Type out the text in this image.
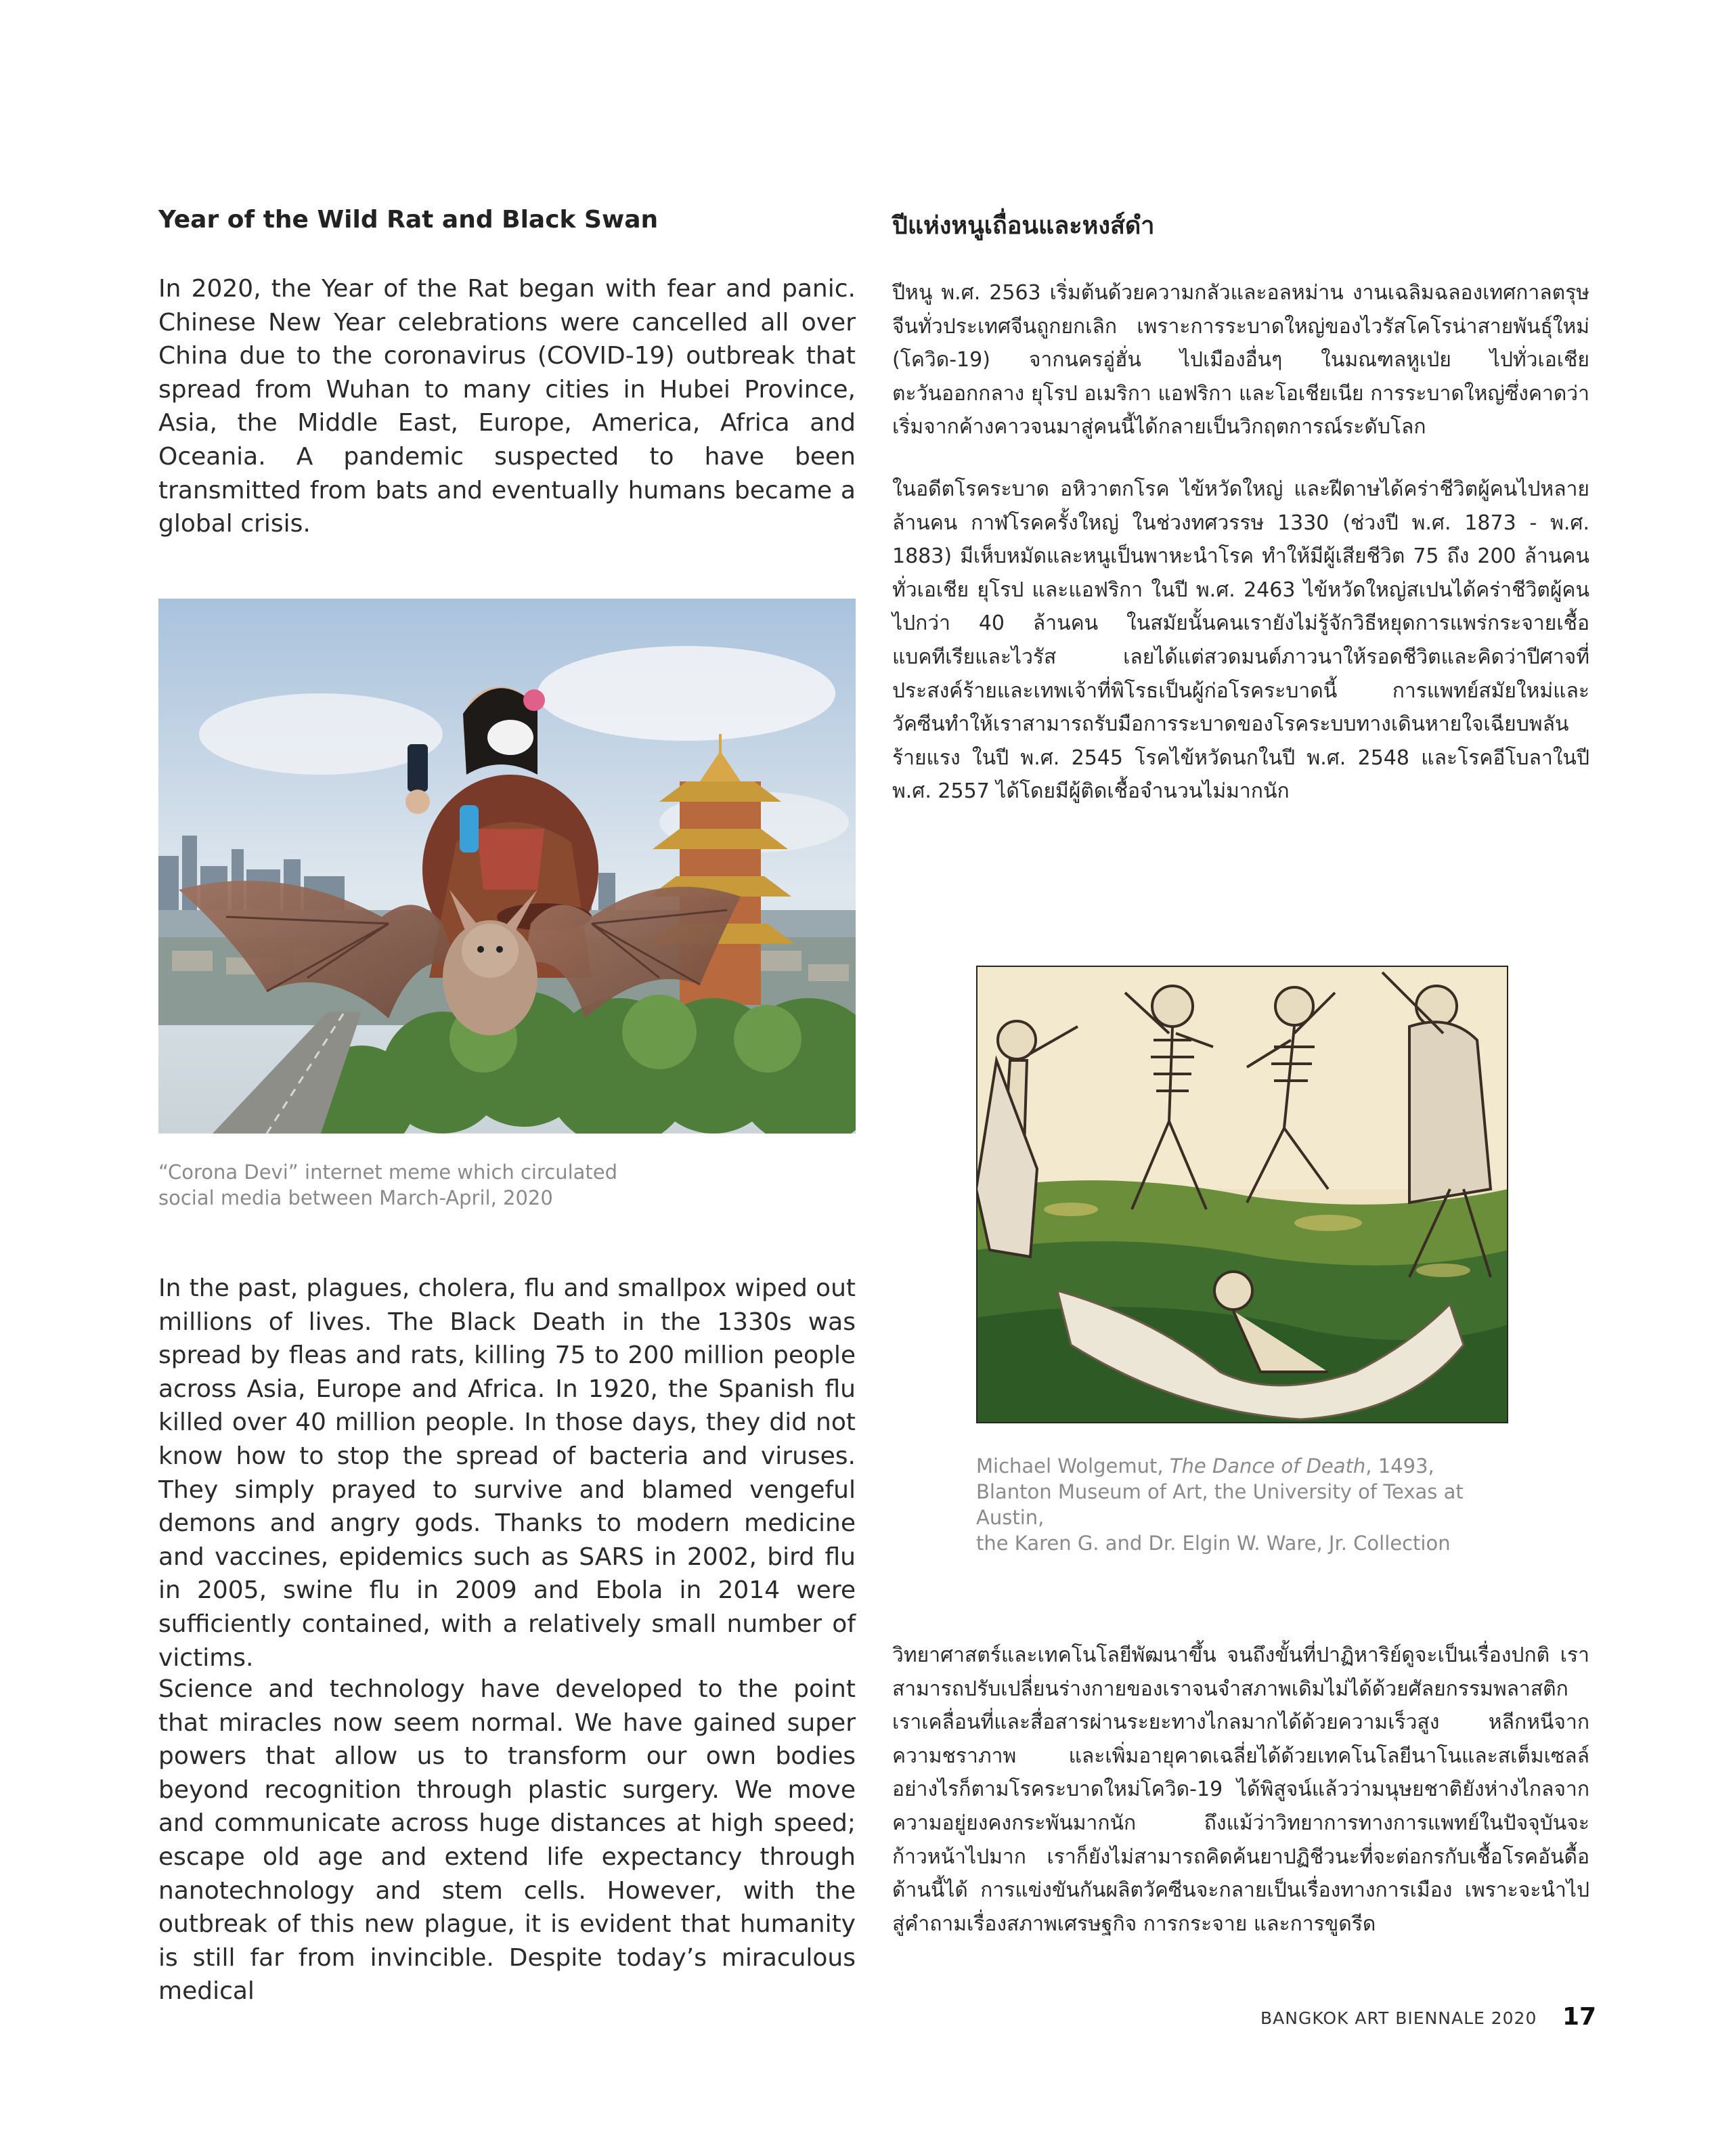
Year of the Wild Rat and Black Swan

In 2020, the Year of the Rat began with fear and panic. Chinese New Year celebrations were cancelled all over China due to the coronavirus (COVID-19) outbreak that spread from Wuhan to many cities in Hubei Province, Asia, the Middle East, Europe, America, Africa and Oceania. A pandemic suspected to have been transmitted from bats and eventually humans became a global crisis.

“Corona Devi” internet meme which circulated
social media between March-April, 2020

In the past, plagues, cholera, flu and smallpox wiped out millions of lives. The Black Death in the 1330s was spread by fleas and rats, killing 75 to 200 million people across Asia, Europe and Africa. In 1920, the Spanish flu killed over 40 million people. In those days, they did not know how to stop the spread of bacteria and viruses. They simply prayed to survive and blamed vengeful demons and angry gods. Thanks to modern medicine and vaccines, epidemics such as SARS in 2002, bird flu in 2005, swine flu in 2009 and Ebola in 2014 were sufficiently contained, with a relatively small number of victims.

Science and technology have developed to the point that miracles now seem normal. We have gained super powers that allow us to transform our own bodies beyond recognition through plastic surgery. We move and communicate across huge distances at high speed; escape old age and extend life expectancy through nanotechnology and stem cells. However, with the outbreak of this new plague, it is evident that humanity is still far from invincible. Despite today’s miraculous medical

ปีแห่งหนูเถื่อนและหงส์ดำ

ปีหนู พ.ศ. 2563 เริ่มต้นด้วยความกลัวและอลหม่าน งานเฉลิมฉลองเทศกาลตรุษจีนทั่วประเทศจีนถูกยกเลิก เพราะการระบาดใหญ่ของไวรัสโคโรน่าสายพันธุ์ใหม่ (โควิด-19) จากนครอู่ฮั่น ไปเมืองอื่นๆ ในมณฑลหูเป่ย ไปทั่วเอเชีย ตะวันออกกลาง ยุโรป อเมริกา แอฟริกา และโอเชียเนีย การระบาดใหญ่ซึ่งคาดว่าเริ่มจากค้างคาวจนมาสู่คนนี้ได้กลายเป็นวิกฤตการณ์ระดับโลก

ในอดีตโรคระบาด อหิวาตกโรค ไข้หวัดใหญ่ และฝีดาษได้คร่าชีวิตผู้คนไปหลายล้านคน กาฬโรคครั้งใหญ่ ในช่วงทศวรรษ 1330 (ช่วงปี พ.ศ. 1873 - พ.ศ. 1883) มีเห็บหมัดและหนูเป็นพาหะนำโรค ทำให้มีผู้เสียชีวิต 75 ถึง 200 ล้านคนทั่วเอเชีย ยุโรป และแอฟริกา ในปี พ.ศ. 2463 ไข้หวัดใหญ่สเปนได้คร่าชีวิตผู้คนไปกว่า 40 ล้านคน ในสมัยนั้นคนเรายังไม่รู้จักวิธีหยุดการแพร่กระจายเชื้อแบคทีเรียและไวรัส เลยได้แต่สวดมนต์ภาวนาให้รอดชีวิตและคิดว่าปีศาจที่ประสงค์ร้ายและเทพเจ้าที่พิโรธเป็นผู้ก่อโรคระบาดนี้ การแพทย์สมัยใหม่และวัคซีนทำให้เราสามารถรับมือการระบาดของโรคระบบทางเดินหายใจเฉียบพลันร้ายแรง ในปี พ.ศ. 2545 โรคไข้หวัดนกในปี พ.ศ. 2548 และโรคอีโบลาในปี พ.ศ. 2557 ได้โดยมีผู้ติดเชื้อจำนวนไม่มากนัก

Michael Wolgemut, The Dance of Death, 1493,
Blanton Museum of Art, the University of Texas at Austin,
the Karen G. and Dr. Elgin W. Ware, Jr. Collection

วิทยาศาสตร์และเทคโนโลยีพัฒนาขึ้น จนถึงขั้นที่ปาฏิหาริย์ดูจะเป็นเรื่องปกติ เราสามารถปรับเปลี่ยนร่างกายของเราจนจำสภาพเดิมไม่ได้ด้วยศัลยกรรมพลาสติก เราเคลื่อนที่และสื่อสารผ่านระยะทางไกลมากได้ด้วยความเร็วสูง หลีกหนีจากความชราภาพ และเพิ่มอายุคาดเฉลี่ยได้ด้วยเทคโนโลยีนาโนและสเต็มเซลล์ อย่างไรก็ตามโรคระบาดใหม่โควิด-19 ได้พิสูจน์แล้วว่ามนุษยชาติยังห่างไกลจากความอยู่ยงคงกระพันมากนัก ถึงแม้ว่าวิทยาการทางการแพทย์ในปัจจุบันจะก้าวหน้าไปมาก เราก็ยังไม่สามารถคิดค้นยาปฏิชีวนะที่จะต่อกรกับเชื้อโรคอันดื้อด้านนี้ได้ การแข่งขันกันผลิตวัคซีนจะกลายเป็นเรื่องทางการเมือง เพราะจะนำไปสู่คำถามเรื่องสภาพเศรษฐกิจ การกระจาย และการขูดรีด

BANGKOK ART BIENNALE 2020 17
